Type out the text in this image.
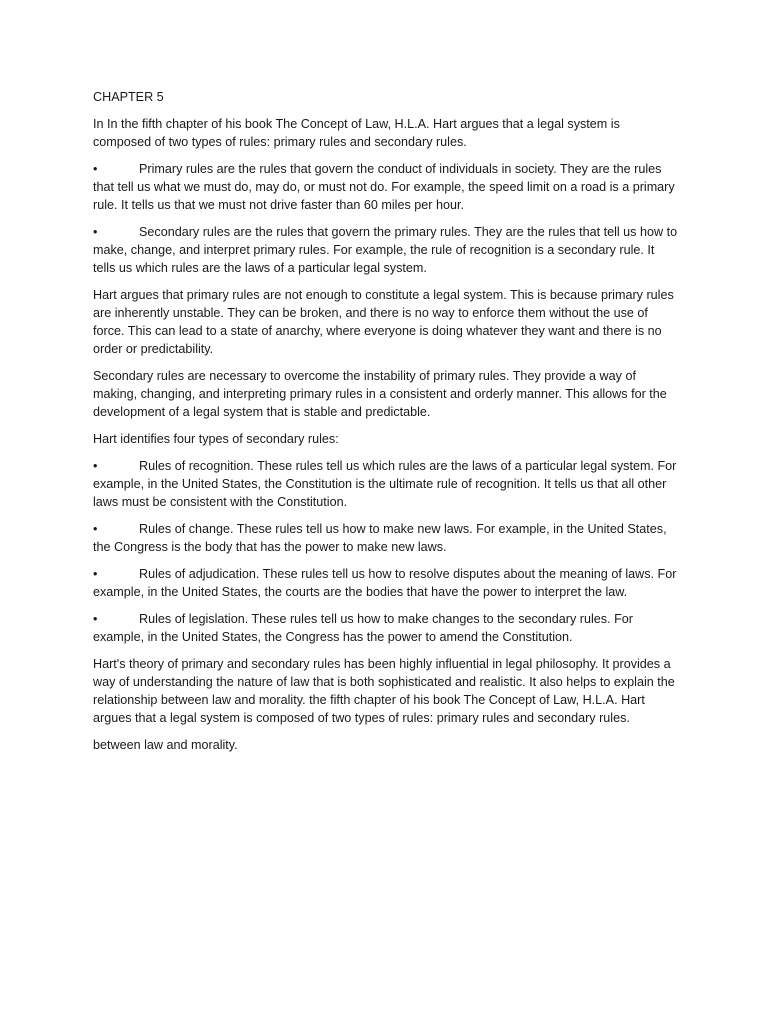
CHAPTER 5

In In the fifth chapter of his book The Concept of Law, H.L.A. Hart argues that a legal system is composed of two types of rules: primary rules and secondary rules.

•	Primary rules are the rules that govern the conduct of individuals in society. They are the rules that tell us what we must do, may do, or must not do. For example, the speed limit on a road is a primary rule. It tells us that we must not drive faster than 60 miles per hour.

•	Secondary rules are the rules that govern the primary rules. They are the rules that tell us how to make, change, and interpret primary rules. For example, the rule of recognition is a secondary rule. It tells us which rules are the laws of a particular legal system.

Hart argues that primary rules are not enough to constitute a legal system. This is because primary rules are inherently unstable. They can be broken, and there is no way to enforce them without the use of force. This can lead to a state of anarchy, where everyone is doing whatever they want and there is no order or predictability.

Secondary rules are necessary to overcome the instability of primary rules. They provide a way of making, changing, and interpreting primary rules in a consistent and orderly manner. This allows for the development of a legal system that is stable and predictable.

Hart identifies four types of secondary rules:

•	Rules of recognition. These rules tell us which rules are the laws of a particular legal system. For example, in the United States, the Constitution is the ultimate rule of recognition. It tells us that all other laws must be consistent with the Constitution.

•	Rules of change. These rules tell us how to make new laws. For example, in the United States, the Congress is the body that has the power to make new laws.

•	Rules of adjudication. These rules tell us how to resolve disputes about the meaning of laws. For example, in the United States, the courts are the bodies that have the power to interpret the law.

•	Rules of legislation. These rules tell us how to make changes to the secondary rules. For example, in the United States, the Congress has the power to amend the Constitution.

Hart's theory of primary and secondary rules has been highly influential in legal philosophy. It provides a way of understanding the nature of law that is both sophisticated and realistic. It also helps to explain the relationship between law and morality. the fifth chapter of his book The Concept of Law, H.L.A. Hart argues that a legal system is composed of two types of rules: primary rules and secondary rules.

between law and morality.
